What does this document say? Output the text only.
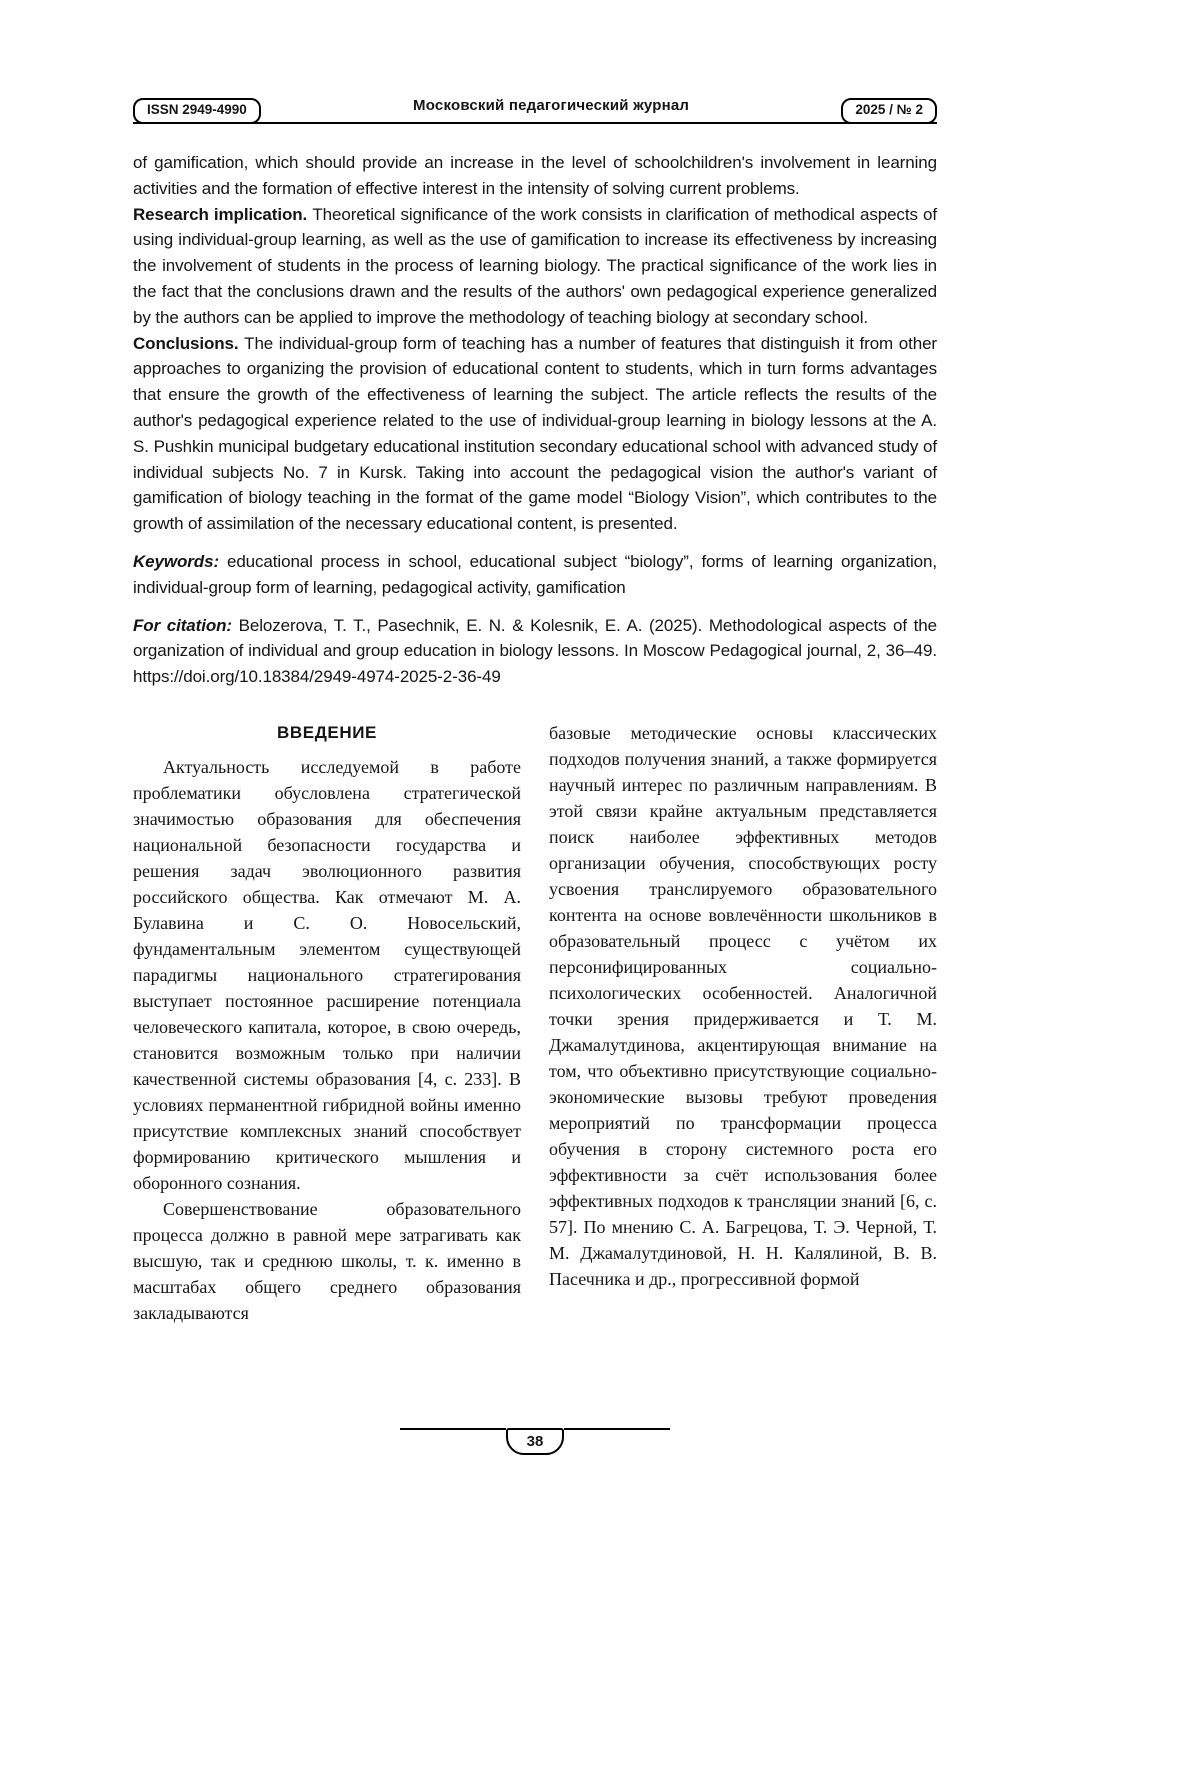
ISSN 2949-4990	Московский педагогический журнал	2025 / № 2

of gamification, which should provide an increase in the level of schoolchildren's involvement in learning activities and the formation of effective interest in the intensity of solving current problems.

Research implication. Theoretical significance of the work consists in clarification of methodical aspects of using individual-group learning, as well as the use of gamification to increase its effectiveness by increasing the involvement of students in the process of learning biology. The practical significance of the work lies in the fact that the conclusions drawn and the results of the authors' own pedagogical experience generalized by the authors can be applied to improve the methodology of teaching biology at secondary school.

Conclusions. The individual-group form of teaching has a number of features that distinguish it from other approaches to organizing the provision of educational content to students, which in turn forms advantages that ensure the growth of the effectiveness of learning the subject. The article reflects the results of the author's pedagogical experience related to the use of individual-group learning in biology lessons at the A. S. Pushkin municipal budgetary educational institution secondary educational school with advanced study of individual subjects No. 7 in Kursk. Taking into account the pedagogical vision the author's variant of gamification of biology teaching in the format of the game model “Biology Vision”, which contributes to the growth of assimilation of the necessary educational content, is presented.

Keywords: educational process in school, educational subject “biology”, forms of learning organization, individual-group form of learning, pedagogical activity, gamification

For citation: Belozerova, T. T., Pasechnik, E. N. & Kolesnik, E. A. (2025). Methodological aspects of the organization of individual and group education in biology lessons. In Moscow Pedagogical journal, 2, 36–49. https://doi.org/10.18384/2949-4974-2025-2-36-49

ВВЕДЕНИЕ

Актуальность исследуемой в работе проблематики обусловлена стратегической значимостью образования для обеспечения национальной безопасности государства и решения задач эволюционного развития российского общества. Как отмечают М. А. Булавина и С. О. Новосельский, фундаментальным элементом существующей парадигмы национального стратегирования выступает постоянное расширение потенциала человеческого капитала, которое, в свою очередь, становится возможным только при наличии качественной системы образования [4, с. 233]. В условиях перманентной гибридной войны именно присутствие комплексных знаний способствует формированию критического мышления и оборонного сознания.

Совершенствование образовательного процесса должно в равной мере затрагивать как высшую, так и среднюю школы, т. к. именно в масштабах общего среднего образования закладываются

базовые методические основы классических подходов получения знаний, а также формируется научный интерес по различным направлениям. В этой связи крайне актуальным представляется поиск наиболее эффективных методов организации обучения, способствующих росту усвоения транслируемого образовательного контента на основе вовлечённости школьников в образовательный процесс с учётом их персонифицированных социально-психологических особенностей. Аналогичной точки зрения придерживается и Т. М. Джамалутдинова, акцентирующая внимание на том, что объективно присутствующие социально-экономические вызовы требуют проведения мероприятий по трансформации процесса обучения в сторону системного роста его эффективности за счёт использования более эффективных подходов к трансляции знаний [6, с. 57]. По мнению С. А. Багрецова, Т. Э. Черной, Т. М. Джамалутдиновой, Н. Н. Калялиной, В. В. Пасечника и др., прогрессивной формой

38
